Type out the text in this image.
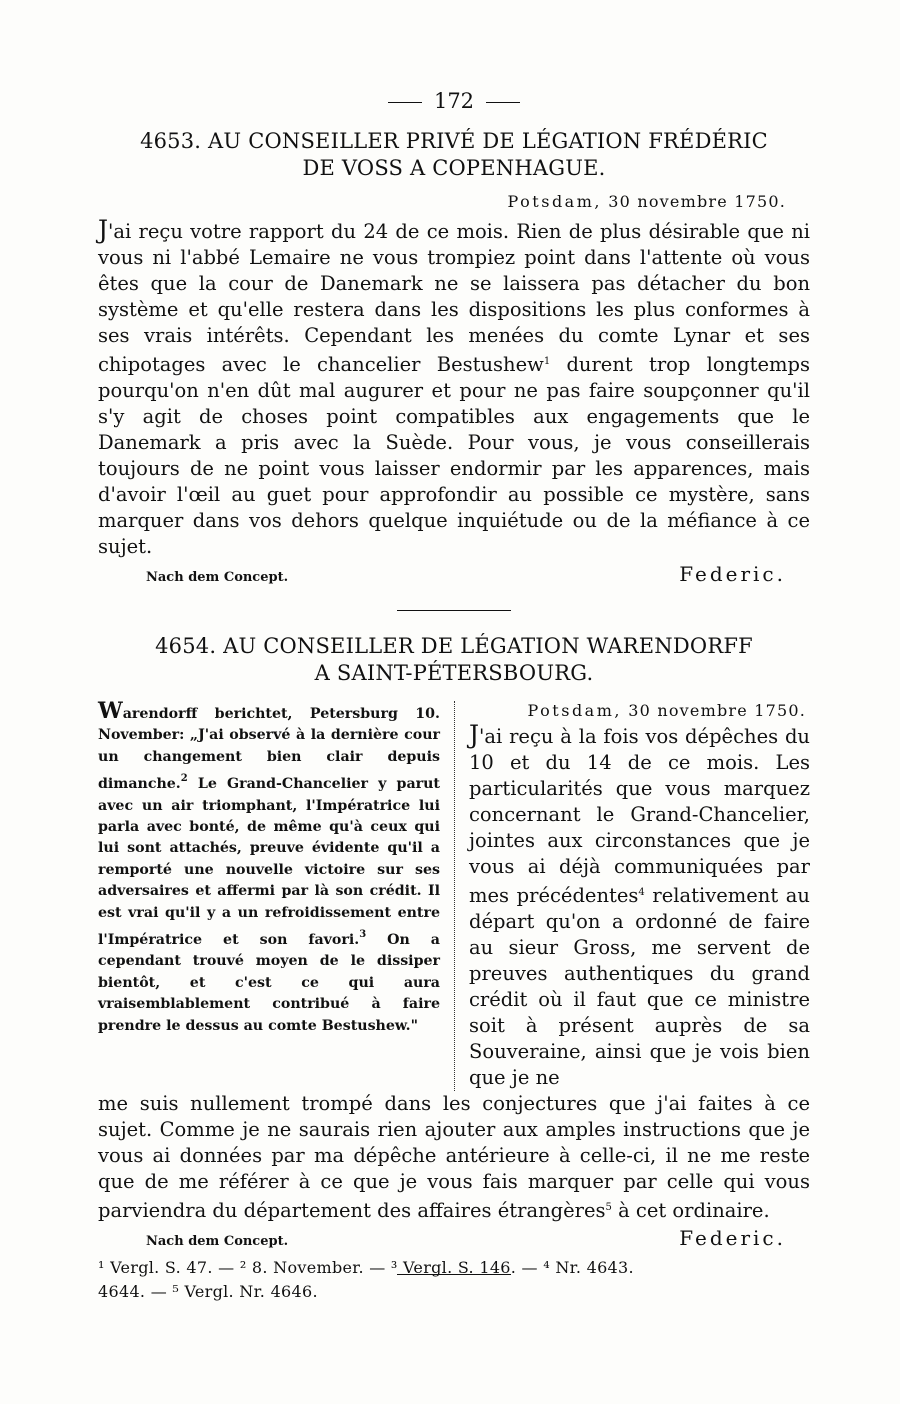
172
4653. AU CONSEILLER PRIVÉ DE LÉGATION FRÉDÉRIC
DE VOSS A COPENHAGUE.
Potsdam, 30 novembre 1750.

J'ai reçu votre rapport du 24 de ce mois. Rien de plus désirable que ni vous ni l'abbé Lemaire ne vous trompiez point dans l'attente où vous êtes que la cour de Danemark ne se laissera pas détacher du bon système et qu'elle restera dans les dispositions les plus conformes à ses vrais intérêts. Cependant les menées du comte Lynar et ses chipotages avec le chancelier Bestushew$^1$ durent trop longtemps pourqu'on n'en dût mal augurer et pour ne pas faire soupçonner qu'il s'y agit de choses point compatibles aux engagements que le Danemark a pris avec la Suède. Pour vous, je vous conseillerais toujours de ne point vous laisser endormir par les apparences, mais d'avoir l'œil au guet pour approfondir au possible ce mystère, sans marquer dans vos dehors quelque inquiétude ou de la méfiance à ce sujet.

Nach dem Concept.	Federic.
4654. AU CONSEILLER DE LÉGATION WARENDORFF
A SAINT-PÉTERSBOURG.
Warendorff berichtet, Petersburg 10. November: „J'ai observé à la dernière cour un changement bien clair depuis dimanche.$^2$ Le Grand-Chancelier y parut avec un air triomphant, l'Impératrice lui parla avec bonté, de même qu'à ceux qui lui sont attachés, preuve évidente qu'il a remporté une nouvelle victoire sur ses adversaires et affermi par là son crédit. Il est vrai qu'il y a un refroidissement entre l'Impératrice et son favori.$^3$ On a cependant trouvé moyen de le dissiper bientôt, et c'est ce qui aura vraisemblablement contribué à faire prendre le dessus au comte Bestushew."
Potsdam, 30 novembre 1750.

J'ai reçu à la fois vos dépêches du 10 et du 14 de ce mois. Les particularités que vous marquez concernant le Grand-Chancelier, jointes aux circonstances que je vous ai déjà communiquées par mes précédentes$^4$ relativement au départ qu'on a ordonné de faire au sieur Gross, me servent de preuves authentiques du grand crédit où il faut que ce ministre soit à présent auprès de sa Souveraine, ainsi que je vois bien que je ne

me suis nullement trompé dans les conjectures que j'ai faites à ce sujet. Comme je ne saurais rien ajouter aux amples instructions que je vous ai données par ma dépêche antérieure à celle-ci, il ne me reste que de me référer à ce que je vous fais marquer par celle qui vous parviendra du département des affaires étrangères$^5$ à cet ordinaire.

Nach dem Concept.	Federic.
¹ Vergl. S. 47. — ² 8. November. — ³ Vergl. S. 146. — ⁴ Nr. 4643.
4644. — ⁵ Vergl. Nr. 4646.
